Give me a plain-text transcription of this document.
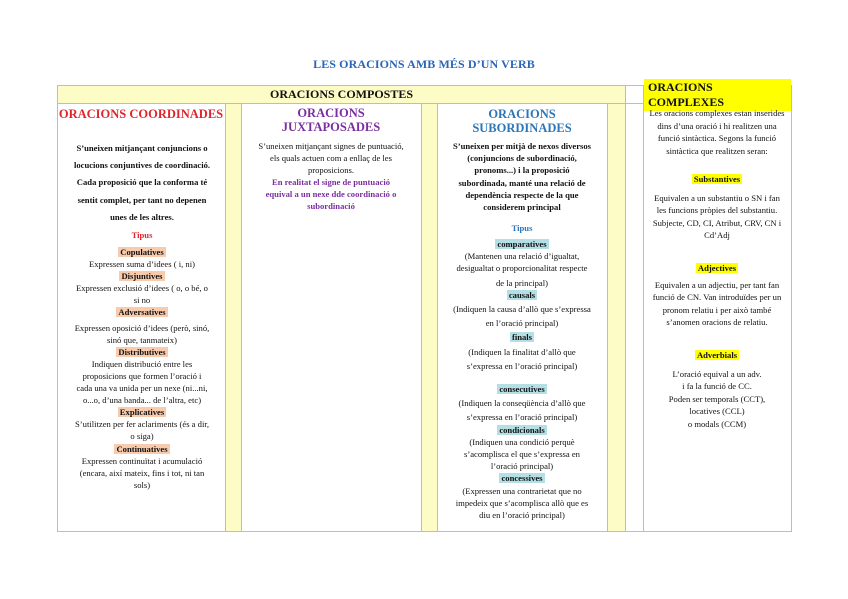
LES ORACIONS AMB MÉS D’UN VERB
ORACIONS COMPOSTES
ORACIONS COMPLEXES
ORACIONS COORDINADES	ORACIONS
JUXTAPOSADES
ORACIONS SUBORDINADES
S’uneixen mitjançant conjuncions o
locucions conjuntives de coordinació.
Cada proposició que la conforma té
sentit complet, per tant no depenen
unes de les altres.
Tipus
Copulatives
Expressen suma d’idees ( i, ni)
Disjuntives
Expressen exclusió d’idees ( o, o bé, o
si no
Adversatives
Expressen oposició d’idees (però, sinó,
sinó que, tanmateix)
Distributives
Indiquen distribució entre les
proposicions que formen l’oració i
cada una va unida per un nexe (ni...ni,
o...o, d’una banda... de l’altra, etc)
Explicatives
S’utilitzen per fer aclariments (és a dir,
o siga)
Continuatives
Expressen continuïtat i acumulació
(encara, així mateix, fins i tot, ni tan
sols)
S’uneixen mitjançant signes de puntuació,
els quals actuen com a enllaç de les
proposicions.
En realitat el signe de puntuació
equival a un nexe dde coordinació o
subordinació
S’uneixen per mitjà de nexos diversos
(conjuncions de subordinació,
pronoms...) i la proposició
subordinada, manté una relació de
dependència respecte de la que
considerem principal
Tipus
comparatives
(Mantenen una relació d’igualtat,
desigualtat o proporcionalitat respecte
de la principal)
causals
(Indiquen la causa d’allò que s’expressa
en l’oració principal)
finals
(Indiquen la finalitat d’allò que
s’expressa en l’oració principal)
consecutives
(Indiquen la conseqüència d’allò que
s’expressa en l’oració principal)
condicionals
(Indiquen una condició perquè
s’acomplisca el que s’expressa en
l’oració principal)
concessives
(Expressen una contrarietat que no
impedeix que s’acomplisca allò que es
diu en l’oració principal)
Les oracions complexes estan inserides
dins d’una oració i hi realitzen una
funció sintàctica. Segons la funció
sintàctica que realitzen seran:
Substantives
Equivalen a un substantiu o SN i fan
les funcions pròpies del substantiu.
Subjecte, CD, CI, Atribut, CRV, CN i
Cd’Adj
Adjectives
Equivalen a un adjectiu, per tant fan
funció de CN. Van introduïdes per un
pronom relatiu i per això també
s’anomen oracions de relatiu.
Adverbials
L’oració equival a un adv.
i fa la funció de CC.
Poden ser temporals (CCT),
locatives (CCL)
o modals (CCM)
